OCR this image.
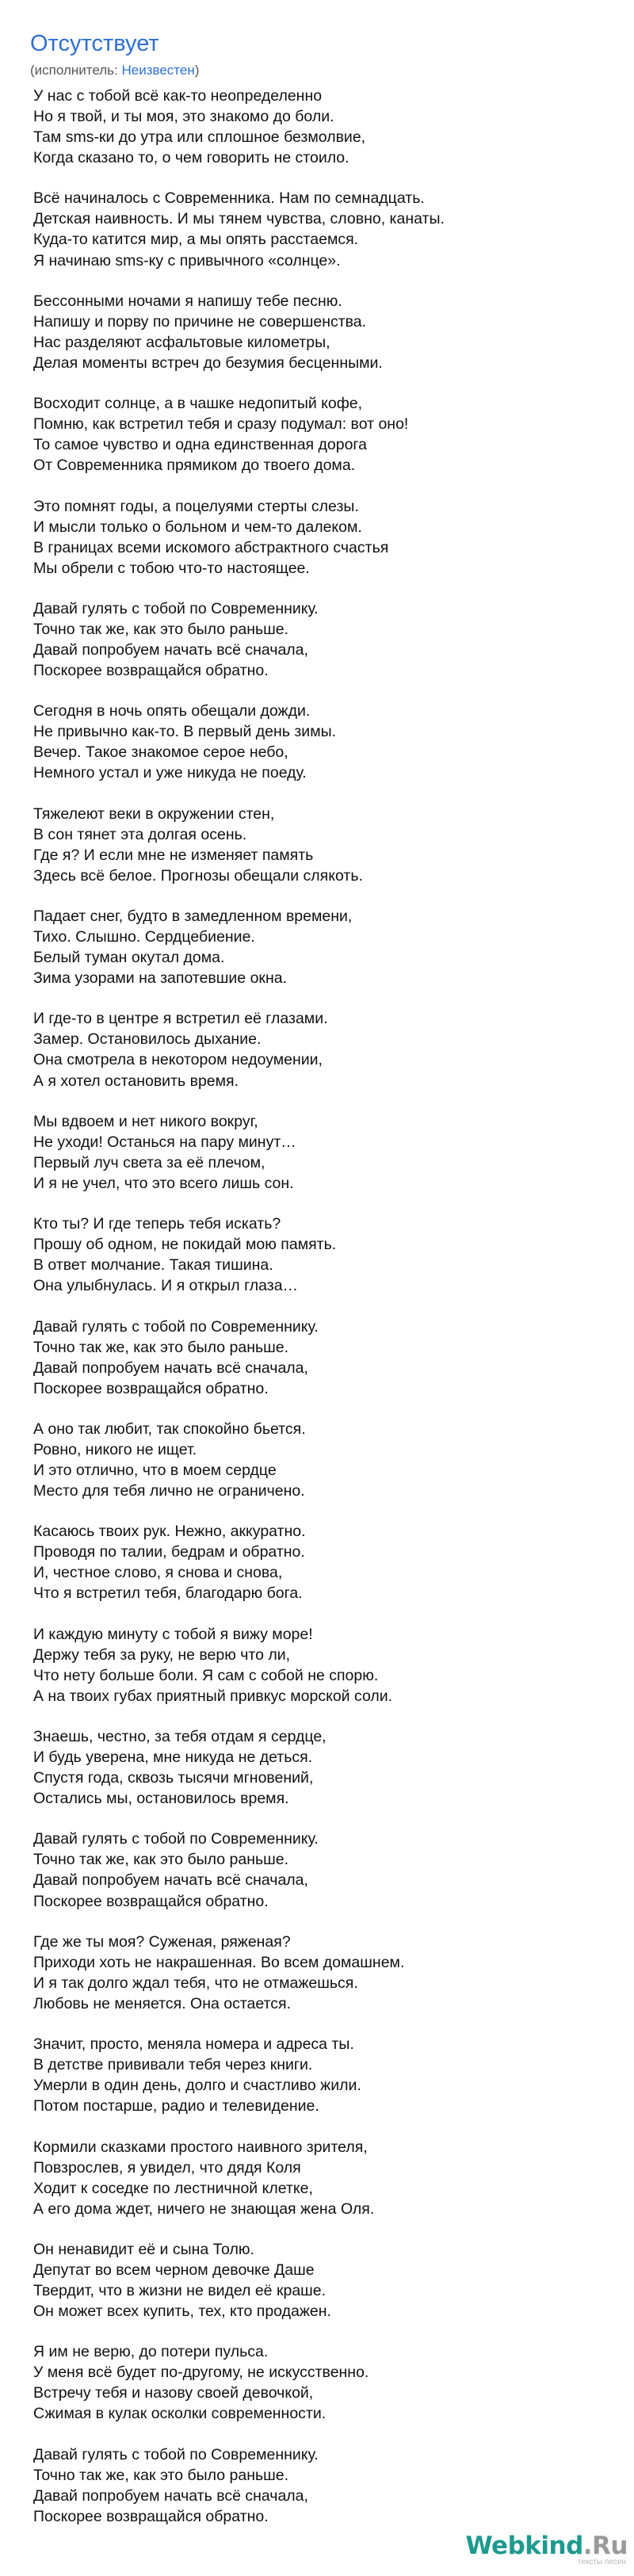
Отсутствует
(исполнитель: Неизвестен)
У нас с тобой всё как-то неопределенно
Но я твой, и ты моя, это знакомо до боли.
Там sms-ки до утра или сплошное безмолвие,
Когда сказано то, о чем говорить не стоило.
Всё начиналось с Современника. Нам по семнадцать.
Детская наивность. И мы тянем чувства, словно, канаты.
Куда-то катится мир, а мы опять расстаемся.
Я начинаю sms-ку с привычного «солнце».
Бессонными ночами я напишу тебе песню.
Напишу и порву по причине не совершенства.
Нас разделяют асфальтовые километры,
Делая моменты встреч до безумия бесценными.
Восходит солнце, а в чашке недопитый кофе,
Помню, как встретил тебя и сразу подумал: вот оно!
То самое чувство и одна единственная дорога
От Современника прямиком до твоего дома.
Это помнят годы, а поцелуями стерты слезы.
И мысли только о больном и чем-то далеком.
В границах всеми искомого абстрактного счастья
Мы обрели с тобою что-то настоящее.
Давай гулять с тобой по Современнику.
Точно так же, как это было раньше.
Давай попробуем начать всё сначала,
Поскорее возвращайся обратно.
Сегодня в ночь опять обещали дожди.
Не привычно как-то. В первый день зимы.
Вечер. Такое знакомое серое небо,
Немного устал и уже никуда не поеду.
Тяжелеют веки в окружении стен,
В сон тянет эта долгая осень.
Где я? И если мне не изменяет память
Здесь всё белое. Прогнозы обещали слякоть.
Падает снег, будто в замедленном времени,
Тихо. Слышно. Сердцебиение.
Белый туман окутал дома.
Зима узорами на запотевшие окна.
И где-то в центре я встретил её глазами.
Замер. Остановилось дыхание.
Она смотрела в некотором недоумении,
А я хотел остановить время.
Мы вдвоем и нет никого вокруг,
Не уходи! Останься на пару минут…
Первый луч света за её плечом,
И я не учел, что это всего лишь сон.
Кто ты? И где теперь тебя искать?
Прошу об одном, не покидай мою память.
В ответ молчание. Такая тишина.
Она улыбнулась. И я открыл глаза…
Давай гулять с тобой по Современнику.
Точно так же, как это было раньше.
Давай попробуем начать всё сначала,
Поскорее возвращайся обратно.
А оно так любит, так спокойно бьется.
Ровно, никого не ищет.
И это отлично, что в моем сердце
Место для тебя лично не ограничено.
Касаюсь твоих рук. Нежно, аккуратно.
Проводя по талии, бедрам и обратно.
И, честное слово, я снова и снова,
Что я встретил тебя, благодарю бога.
И каждую минуту с тобой я вижу море!
Держу тебя за руку, не верю что ли,
Что нету больше боли. Я сам с собой не спорю.
А на твоих губах приятный привкус морской соли.
Знаешь, честно, за тебя отдам я сердце,
И будь уверена, мне никуда не деться.
Спустя года, сквозь тысячи мгновений,
Остались мы, остановилось время.
Давай гулять с тобой по Современнику.
Точно так же, как это было раньше.
Давай попробуем начать всё сначала,
Поскорее возвращайся обратно.
Где же ты моя? Суженая, ряженая?
Приходи хоть не накрашенная. Во всем домашнем.
И я так долго ждал тебя, что не отмажешься.
Любовь не меняется. Она остается.
Значит, просто, меняла номера и адреса ты.
В детстве прививали тебя через книги.
Умерли в один день, долго и счастливо жили.
Потом постарше, радио и телевидение.
Кормили сказками простого наивного зрителя,
Повзрослев, я увидел, что дядя Коля
Ходит к соседке по лестничной клетке,
А его дома ждет, ничего не знающая жена Оля.
Он ненавидит её и сына Толю.
Депутат во всем черном девочке Даше
Твердит, что в жизни не видел её краше.
Он может всех купить, тех, кто продажен.
Я им не верю, до потери пульса.
У меня всё будет по-другому, не искусственно.
Встречу тебя и назову своей девочкой,
Сжимая в кулак осколки современности.
Давай гулять с тобой по Современнику.
Точно так же, как это было раньше.
Давай попробуем начать всё сначала,
Поскорее возвращайся обратно.
Webkind.Ru
тексты песен
